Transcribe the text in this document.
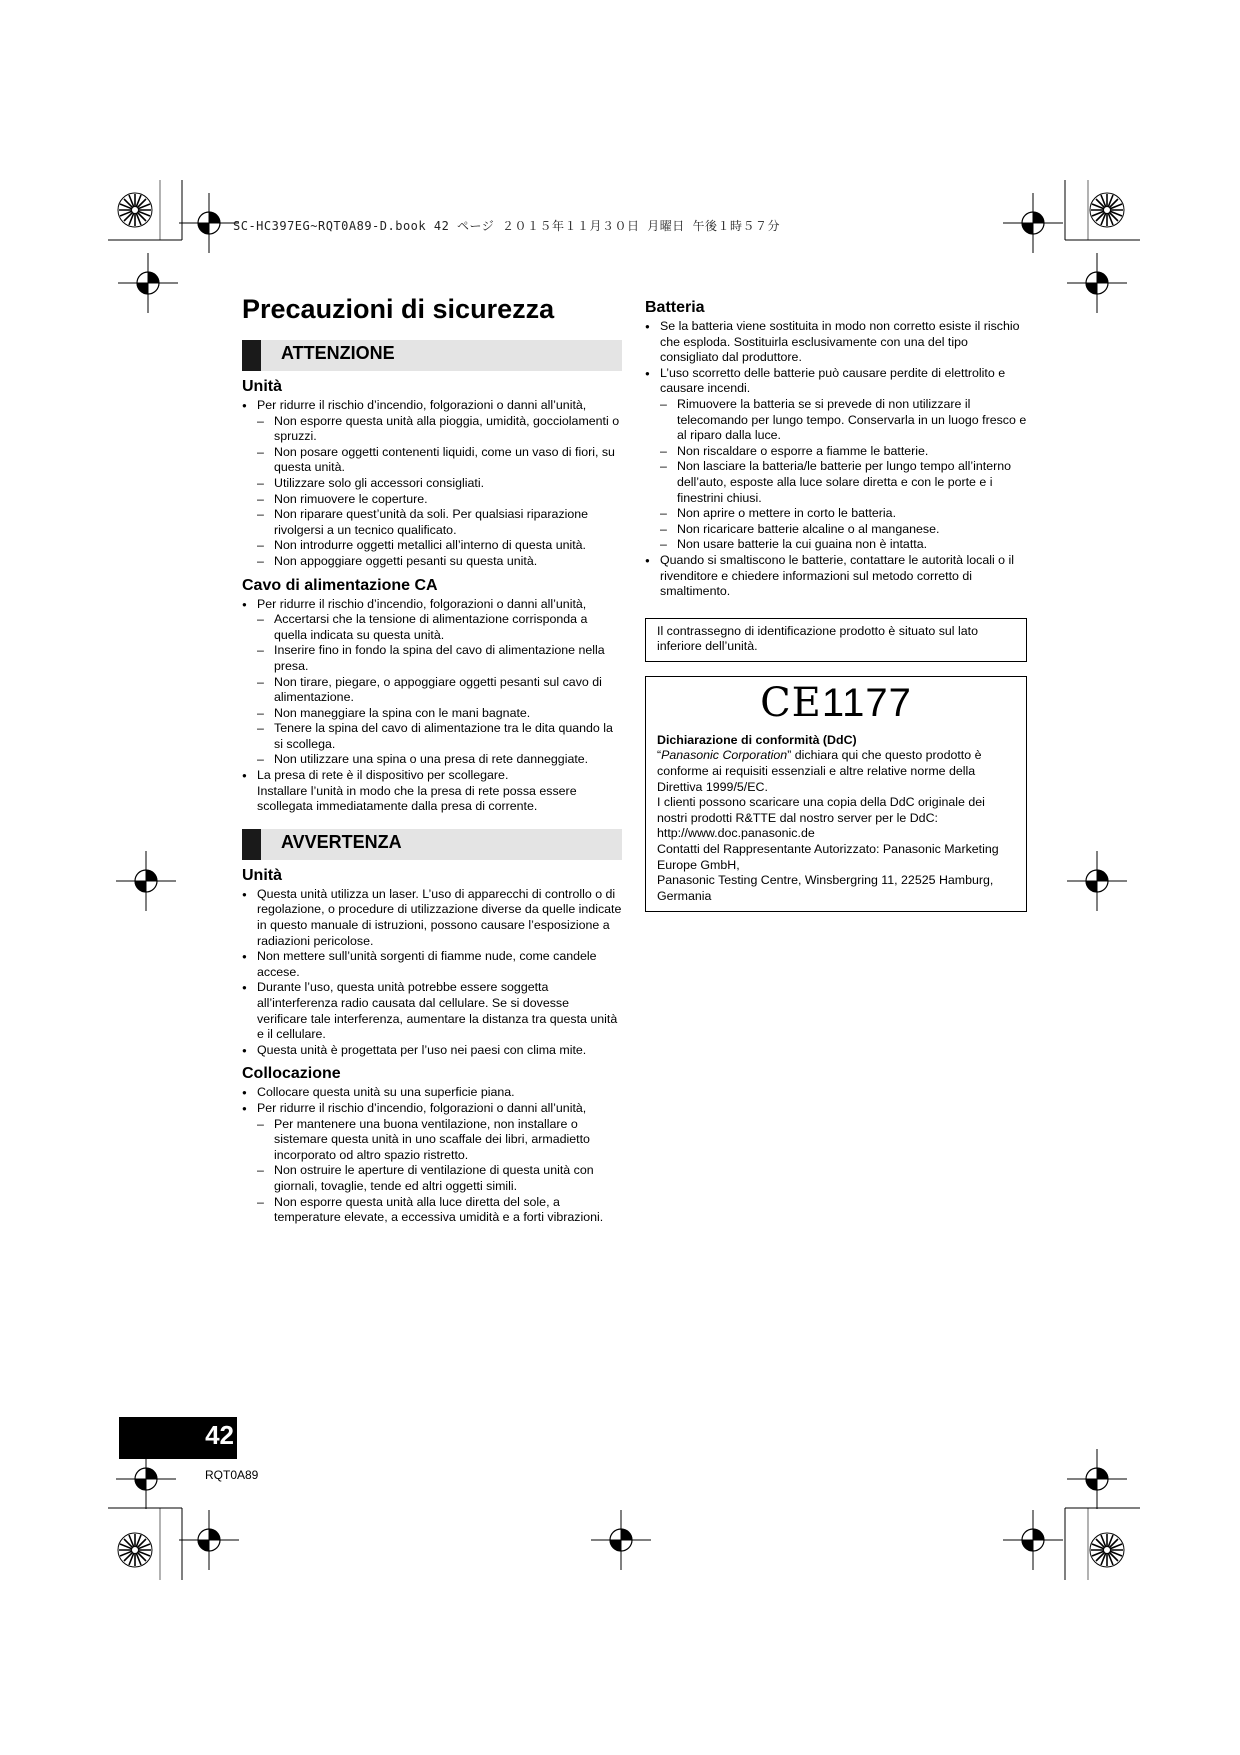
SC-HC397EG~RQT0A89-D.book 42 ページ ２０１５年１１月３０日 月曜日 午後１時５７分
Precauzioni di sicurezza
ATTENZIONE
Unità
● Per ridurre il rischio d’incendio, folgorazioni o danni all’unità,
– Non esporre questa unità alla pioggia, umidità, gocciolamenti o spruzzi.
– Non posare oggetti contenenti liquidi, come un vaso di fiori, su questa unità.
– Utilizzare solo gli accessori consigliati.
– Non rimuovere le coperture.
– Non riparare quest’unità da soli. Per qualsiasi riparazione rivolgersi a un tecnico qualificato.
– Non introdurre oggetti metallici all’interno di questa unità.
– Non appoggiare oggetti pesanti su questa unità.
Cavo di alimentazione CA
● Per ridurre il rischio d’incendio, folgorazioni o danni all’unità,
– Accertarsi che la tensione di alimentazione corrisponda a quella indicata su questa unità.
– Inserire fino in fondo la spina del cavo di alimentazione nella presa.
– Non tirare, piegare, o appoggiare oggetti pesanti sul cavo di alimentazione.
– Non maneggiare la spina con le mani bagnate.
– Tenere la spina del cavo di alimentazione tra le dita quando la si scollega.
– Non utilizzare una spina o una presa di rete danneggiate.
● La presa di rete è il dispositivo per scollegare.
Installare l’unità in modo che la presa di rete possa essere scollegata immediatamente dalla presa di corrente.
AVVERTENZA
Unità
● Questa unità utilizza un laser. L’uso di apparecchi di controllo o di regolazione, o procedure di utilizzazione diverse da quelle indicate in questo manuale di istruzioni, possono causare l’esposizione a radiazioni pericolose.
● Non mettere sull’unità sorgenti di fiamme nude, come candele accese.
● Durante l’uso, questa unità potrebbe essere soggetta all’interferenza radio causata dal cellulare. Se si dovesse verificare tale interferenza, aumentare la distanza tra questa unità e il cellulare.
● Questa unità è progettata per l’uso nei paesi con clima mite.
Collocazione
● Collocare questa unità su una superficie piana.
● Per ridurre il rischio d’incendio, folgorazioni o danni all’unità,
– Per mantenere una buona ventilazione, non installare o sistemare questa unità in uno scaffale dei libri, armadietto incorporato od altro spazio ristretto.
– Non ostruire le aperture di ventilazione di questa unità con giornali, tovaglie, tende ed altri oggetti simili.
– Non esporre questa unità alla luce diretta del sole, a temperature elevate, a eccessiva umidità e a forti vibrazioni.
Batteria
● Se la batteria viene sostituita in modo non corretto esiste il rischio che esploda. Sostituirla esclusivamente con una del tipo consigliato dal produttore.
● L’uso scorretto delle batterie può causare perdite di elettrolito e causare incendi.
– Rimuovere la batteria se si prevede di non utilizzare il telecomando per lungo tempo. Conservarla in un luogo fresco e al riparo dalla luce.
– Non riscaldare o esporre a fiamme le batterie.
– Non lasciare la batteria/le batterie per lungo tempo all’interno dell’auto, esposte alla luce solare diretta e con le porte e i finestrini chiusi.
– Non aprire o mettere in corto le batteria.
– Non ricaricare batterie alcaline o al manganese.
– Non usare batterie la cui guaina non è intatta.
● Quando si smaltiscono le batterie, contattare le autorità locali o il rivenditore e chiedere informazioni sul metodo corretto di smaltimento.
Il contrassegno di identificazione prodotto è situato sul lato inferiore dell’unità.
CE1177
Dichiarazione di conformità (DdC)
“Panasonic Corporation” dichiara qui che questo prodotto è conforme ai requisiti essenziali e altre relative norme della Direttiva 1999/5/EC.
I clienti possono scaricare una copia della DdC originale dei nostri prodotti R&TTE dal nostro server per le DdC:
http://www.doc.panasonic.de
Contatti del Rappresentante Autorizzato: Panasonic Marketing Europe GmbH,
Panasonic Testing Centre, Winsbergring 11, 22525 Hamburg, Germania
42
RQT0A89
